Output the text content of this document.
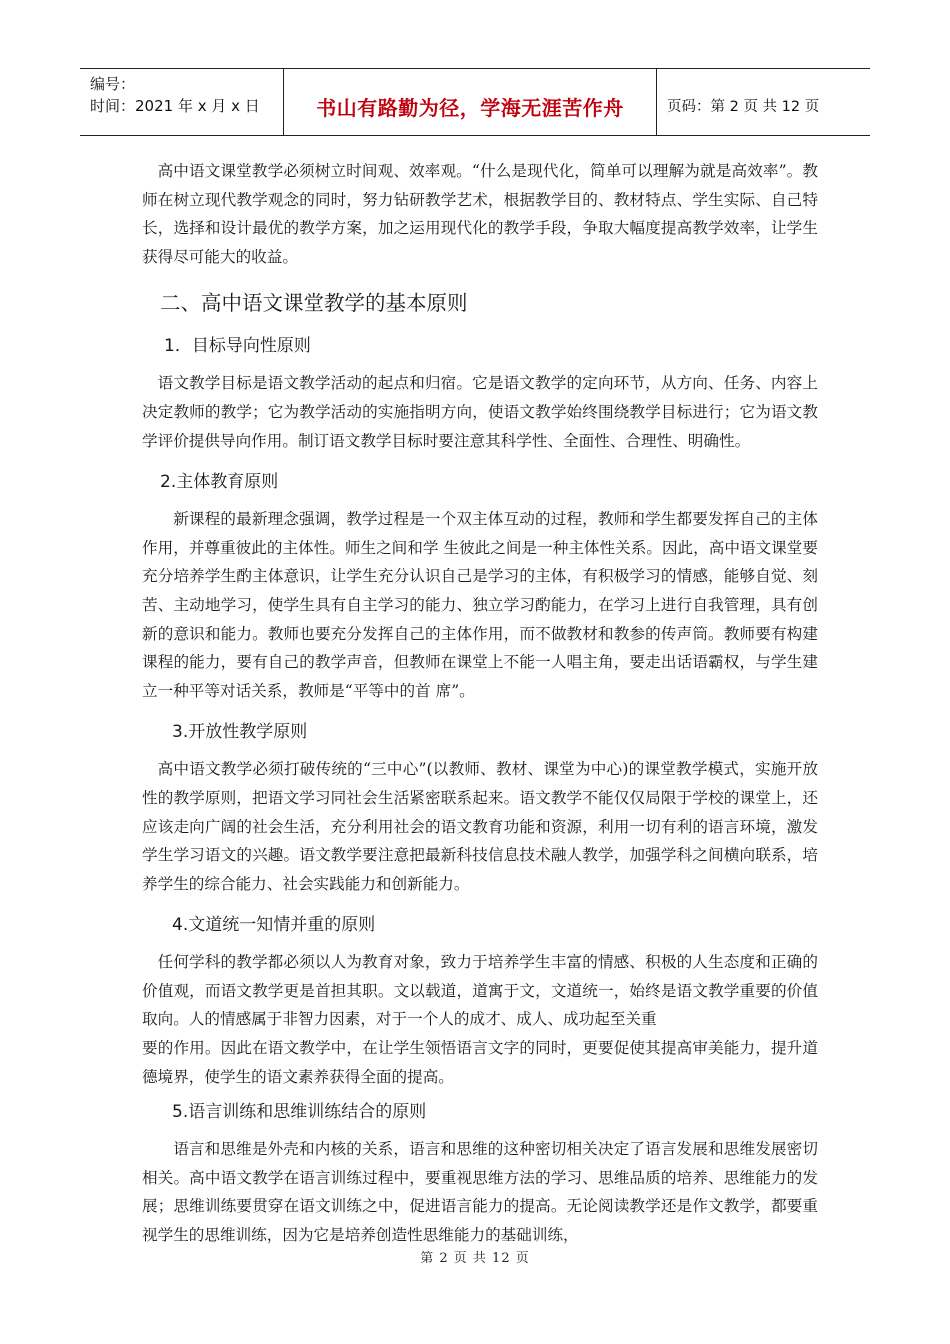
编号：
时间：2021 年 x 月 x 日	书山有路勤为径，学海无涯苦作舟	页码：第 2 页 共 12 页

高中语文课堂教学必须树立时间观、效率观。“什么是现代化，简单可以理解为就是高效率”。教师在树立现代教学观念的同时，努力钻研教学艺术，根据教学目的、教材特点、学生实际、自己特长，选择和设计最优的教学方案，加之运用现代化的教学手段，争取大幅度提高教学效率，让学生获得尽可能大的收益。

二、高中语文课堂教学的基本原则
1．目标导向性原则

语文教学目标是语文教学活动的起点和归宿。它是语文教学的定向环节，从方向、任务、内容上决定教师的教学；它为教学活动的实施指明方向，使语文教学始终围绕教学目标进行；它为语文教学评价提供导向作用。制订语文教学目标时要注意其科学性、全面性、合理性、明确性。

2.主体教育原则

新课程的最新理念强调，教学过程是一个双主体互动的过程，教师和学生都要发挥自己的主体作用，并尊重彼此的主体性。师生之间和学 生彼此之间是一种主体性关系。因此，高中语文课堂要充分培养学生酌主体意识，让学生充分认识自己是学习的主体，有积极学习的情感，能够自觉、刻苦、主动地学习，使学生具有自主学习的能力、独立学习酌能力，在学习上进行自我管理，具有创新的意识和能力。教师也要充分发挥自己的主体作用，而不做教材和教参的传声筒。教师要有构建课程的能力，要有自己的教学声音，但教师在课堂上不能一人唱主角，要走出话语霸权，与学生建立一种平等对话关系，教师是“平等中的首 席”。

3.开放性教学原则

高中语文教学必须打破传统的“三中心”(以教师、教材、课堂为中心)的课堂教学模式，实施开放性的教学原则，把语文学习同社会生活紧密联系起来。语文教学不能仅仅局限于学校的课堂上，还应该走向广阔的社会生活，充分利用社会的语文教育功能和资源，利用一切有利的语言环境，激发学生学习语文的兴趣。语文教学要注意把最新科技信息技术融人教学，加强学科之间横向联系，培养学生的综合能力、社会实践能力和创新能力。

4.文道统一知情并重的原则

任何学科的教学都必须以人为教育对象，致力于培养学生丰富的情感、积极的人生态度和正确的价值观，而语文教学更是首担其职。文以载道，道寓于文，文道统一，始终是语文教学重要的价值取向。人的情感属于非智力因素，对于一个人的成才、成人、成功起至关重

要的作用。因此在语文教学中，在让学生领悟语言文字的同时，更要促使其提高审美能力，提升道德境界，使学生的语文素养获得全面的提高。

5.语言训练和思维训练结合的原则

语言和思维是外壳和内核的关系，语言和思维的这种密切相关决定了语言发展和思维发展密切相关。高中语文教学在语言训练过程中，要重视思维方法的学习、思维品质的培养、思维能力的发展；思维训练要贯穿在语文训练之中，促进语言能力的提高。无论阅读教学还是作文教学，都要重视学生的思维训练，因为它是培养创造性思维能力的基础训练，

第 2 页 共 12 页
